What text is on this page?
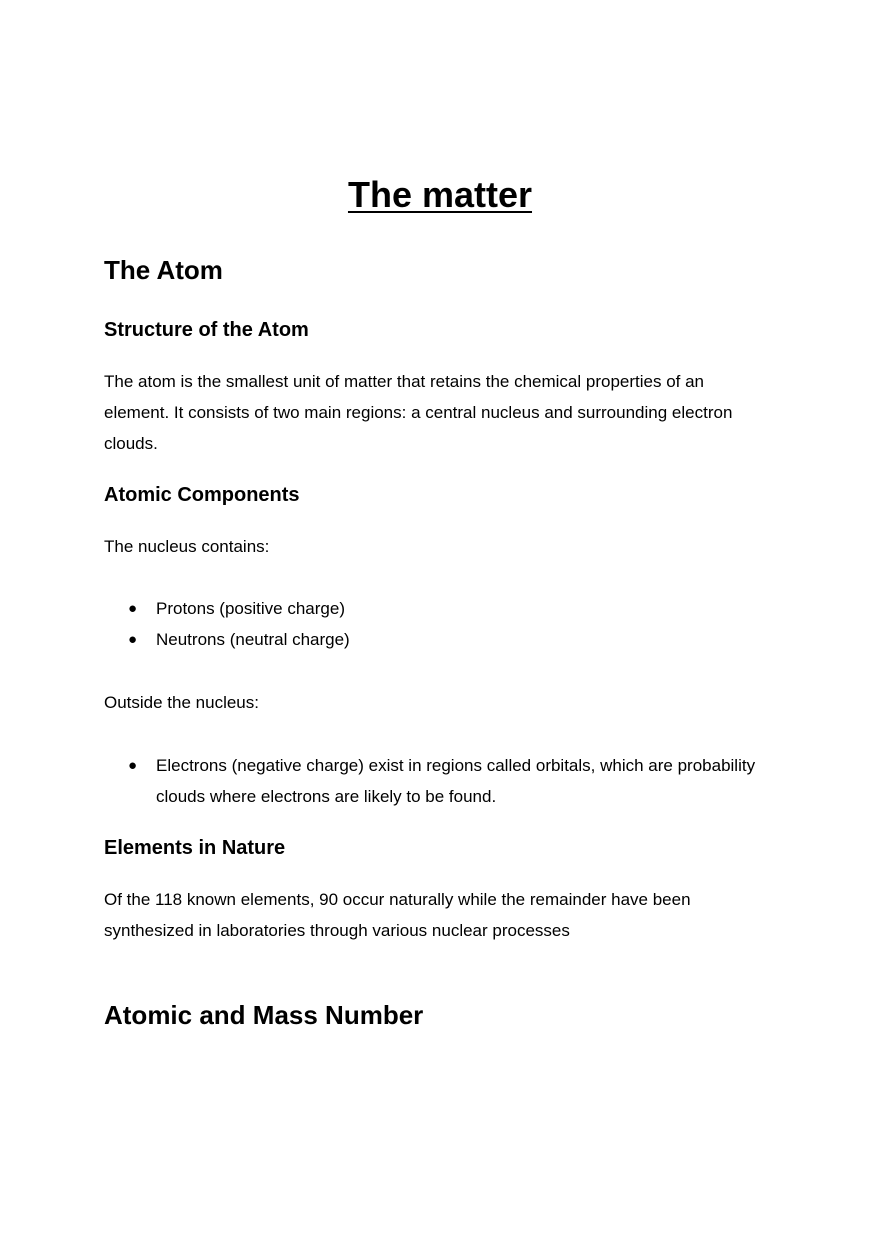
The matter
The Atom
Structure of the Atom

The atom is the smallest unit of matter that retains the chemical properties of an
element. It consists of two main regions: a central nucleus and surrounding electron
clouds.

Atomic Components

The nucleus contains:

● Protons (positive charge)
● Neutrons (neutral charge)

Outside the nucleus:

● Electrons (negative charge) exist in regions called orbitals, which are probability
clouds where electrons are likely to be found.
Elements in Nature

Of the 118 known elements, 90 occur naturally while the remainder have been
synthesized in laboratories through various nuclear processes

Atomic and Mass Number
